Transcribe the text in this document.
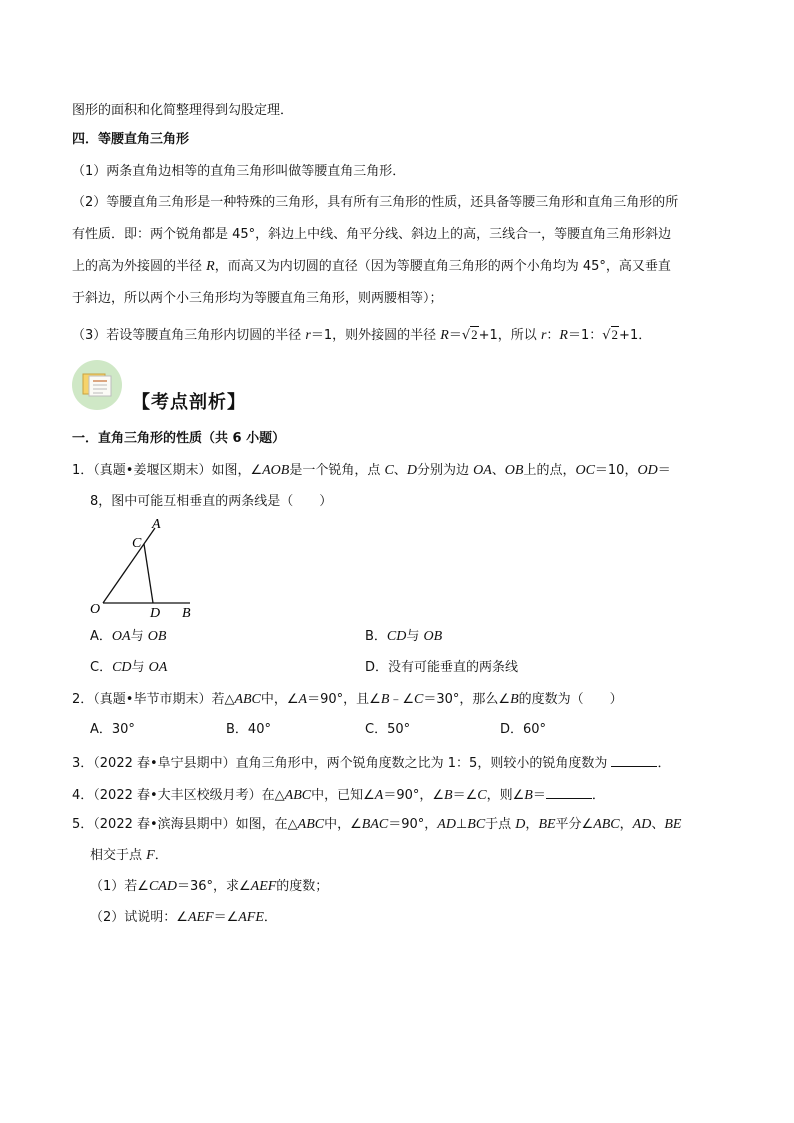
图形的面积和化简整理得到勾股定理．
四．等腰直角三角形
（1）两条直角边相等的直角三角形叫做等腰直角三角形．
（2）等腰直角三角形是一种特殊的三角形，具有所有三角形的性质，还具备等腰三角形和直角三角形的所
有性质．即：两个锐角都是 45°，斜边上中线、角平分线、斜边上的高，三线合一，等腰直角三角形斜边
上的高为外接圆的半径 R，而高又为内切圆的直径（因为等腰直角三角形的两个小角均为 45°，高又垂直
于斜边，所以两个小三角形均为等腰直角三角形，则两腰相等）；
（3）若设等腰直角三角形内切圆的半径 r＝1，则外接圆的半径 R＝√2+1，所以 r：R＝1：√2+1．
【考点剖析】
一．直角三角形的性质（共 6 小题）
1．（真题•姜堰区期末）如图，∠AOB是一个锐角，点 C、D分别为边 OA、OB上的点，OC＝10，OD＝
8，图中可能互相垂直的两条线是（　　）
A
C
O	D B
A．OA与 OB	B．CD与 OB
C．CD与 OA	D．没有可能垂直的两条线
2．（真题•毕节市期末）若△ABC中，∠A＝90°，且∠B﹣∠C＝30°，那么∠B的度数为（　　）
A．30°	B．40°	C．50°	D．60°
3．（2022 春•阜宁县期中）直角三角形中，两个锐角度数之比为 1：5，则较小的锐角度数为	．
4．（2022 春•大丰区校级月考）在△ABC中，已知∠A＝90°，∠B＝∠C，则∠B＝	．
5．（2022 春•滨海县期中）如图，在△ABC中，∠BAC＝90°，AD⊥BC于点 D，BE平分∠ABC，AD、BE
相交于点 F．
（1）若∠CAD＝36°，求∠AEF的度数；
（2）试说明：∠AEF＝∠AFE．
